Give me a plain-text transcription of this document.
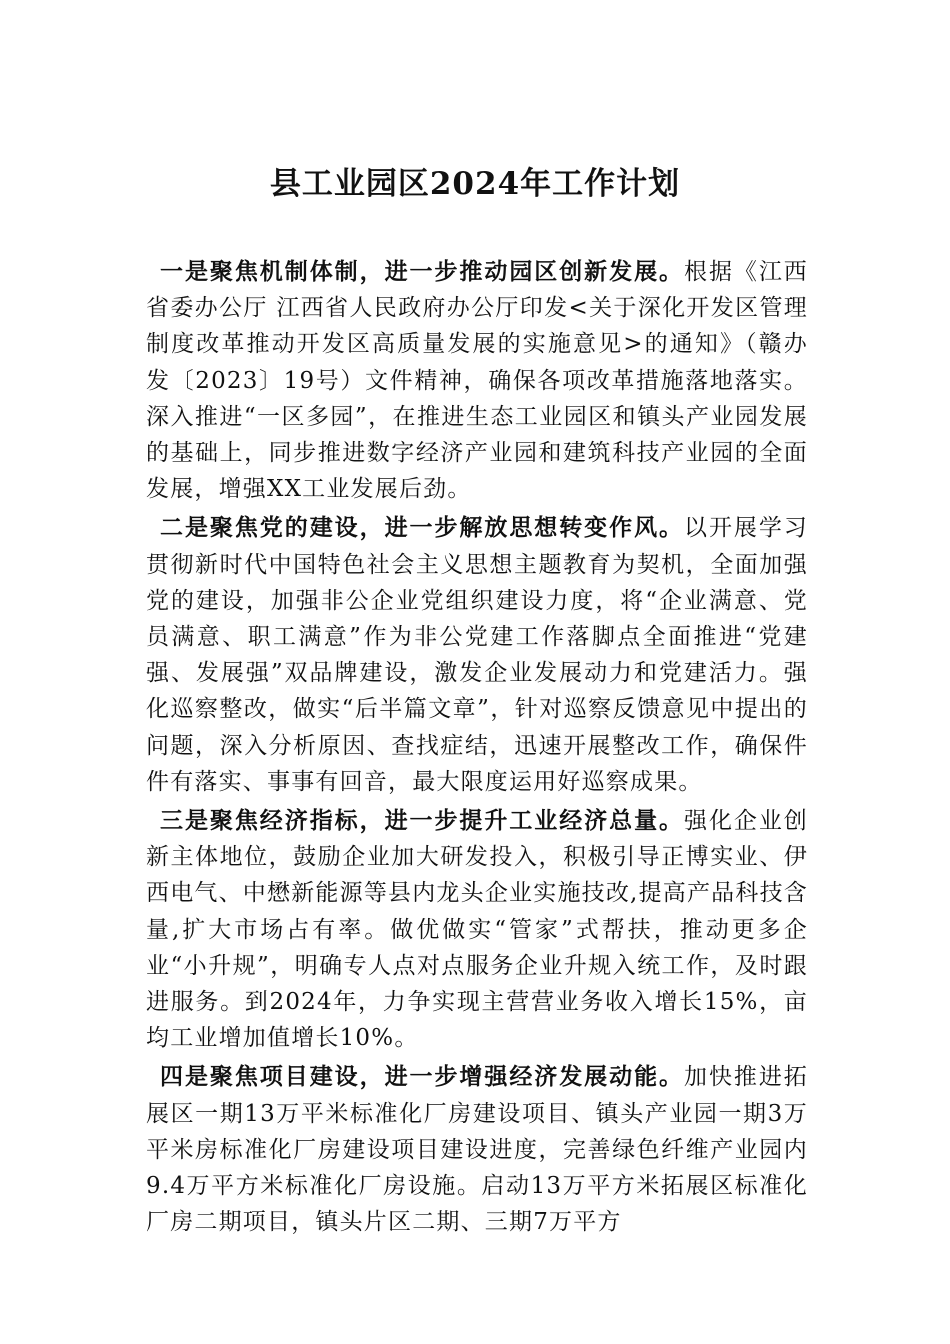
县工业园区2024年工作计划

一是聚焦机制体制，进一步推动园区创新发展。根据《江西省委办公厅 江西省人民政府办公厅印发<关于深化开发区管理制度改革推动开发区高质量发展的实施意见>的通知》（赣办发〔2023〕19号）文件精神，确保各项改革措施落地落实。深入推进“一区多园”，在推进生态工业园区和镇头产业园发展的基础上，同步推进数字经济产业园和建筑科技产业园的全面发展，增强XX工业发展后劲。

二是聚焦党的建设，进一步解放思想转变作风。以开展学习贯彻新时代中国特色社会主义思想主题教育为契机，全面加强党的建设，加强非公企业党组织建设力度，将“企业满意、党员满意、职工满意”作为非公党建工作落脚点全面推进“党建强、发展强”双品牌建设，激发企业发展动力和党建活力。强化巡察整改，做实“后半篇文章”，针对巡察反馈意见中提出的问题，深入分析原因、查找症结，迅速开展整改工作，确保件件有落实、事事有回音，最大限度运用好巡察成果。

三是聚焦经济指标，进一步提升工业经济总量。强化企业创新主体地位，鼓励企业加大研发投入，积极引导正博实业、伊西电气、中懋新能源等县内龙头企业实施技改,提高产品科技含量,扩大市场占有率。做优做实“管家”式帮扶，推动更多企业“小升规”，明确专人点对点服务企业升规入统工作，及时跟进服务。到2024年，力争实现主营营业务收入增长15%，亩均工业增加值增长10%。

四是聚焦项目建设，进一步增强经济发展动能。加快推进拓展区一期13万平米标准化厂房建设项目、镇头产业园一期3万平米房标准化厂房建设项目建设进度，完善绿色纤维产业园内9.4万平方米标准化厂房设施。启动13万平方米拓展区标准化厂房二期项目，镇头片区二期、三期7万平方
